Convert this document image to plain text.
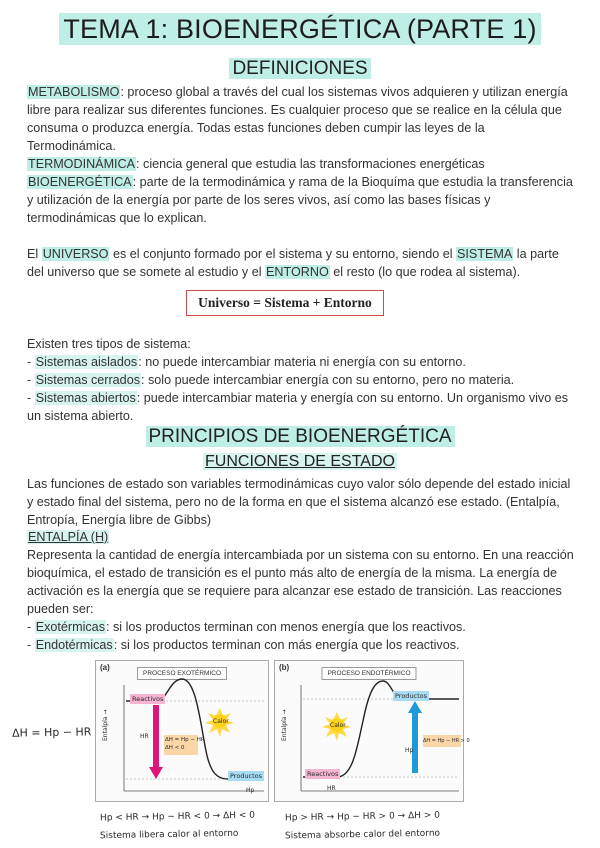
TEMA 1: BIOENERGÉTICA (PARTE 1)
DEFINICIONES
METABOLISMO: proceso global a través del cual los sistemas vivos adquieren y utilizan energía libre para realizar sus diferentes funciones. Es cualquier proceso que se realice en la célula que consuma o produzca energía. Todas estas funciones deben cumpir las leyes de la Termodinámica.
TERMODINÁMICA: ciencia general que estudia las transformaciones energéticas
BIOENERGÉTICA: parte de la termodinámica y rama de la Bioquíma que estudia la transferencia y utilización de la energía por parte de los seres vivos, así como las bases físicas y termodinámicas que lo explican.
El UNIVERSO es el conjunto formado por el sistema y su entorno, siendo el SISTEMA la parte del universo que se somete al estudio y el ENTORNO el resto (lo que rodea al sistema).
Universo = Sistema + Entorno
Existen tres tipos de sistema:
- Sistemas aislados: no puede intercambiar materia ni energía con su entorno.
- Sistemas cerrados: solo puede intercambiar energía con su entorno, pero no materia.
- Sistemas abiertos: puede intercambiar materia y energía con su entorno. Un organismo vivo es un sistema abierto.
PRINCIPIOS DE BIOENERGÉTICA
FUNCIONES DE ESTADO
Las funciones de estado son variables termodinámicas cuyo valor sólo depende del estado inicial y estado final del sistema, pero no de la forma en que el sistema alcanzó ese estado. (Entalpía, Entropía, Energía libre de Gibbs)
ENTALPÍA (H)
Representa la cantidad de energía intercambiada por un sistema con su entorno. En una reacción bioquímica, el estado de transición es el punto más alto de energía de la misma. La energía de activación es la energía que se requiere para alcanzar ese estado de transición. Las reacciones pueden ser:
- Exotérmicas: si los productos terminan con menos energía que los reactivos.
- Endotérmicas: si los productos terminan con más energía que los reactivos.
ΔH = Hp − HR
(a)
PROCESO EXOTÉRMICO
Reactivos
Productos
Calor
ΔH = Hp − HR
ΔH < 0
HR
Hp
Entalpía →
(b)
PROCESO ENDOTÉRMICO
Reactivos
Productos
Calor
ΔH = Hp − HR > 0
Hp
HR
Entalpía →
Hp < HR → Hp − HR < 0 → ΔH < 0
Sistema libera calor al entorno
Hp > HR → Hp − HR > 0 → ΔH > 0
Sistema absorbe calor del entorno
